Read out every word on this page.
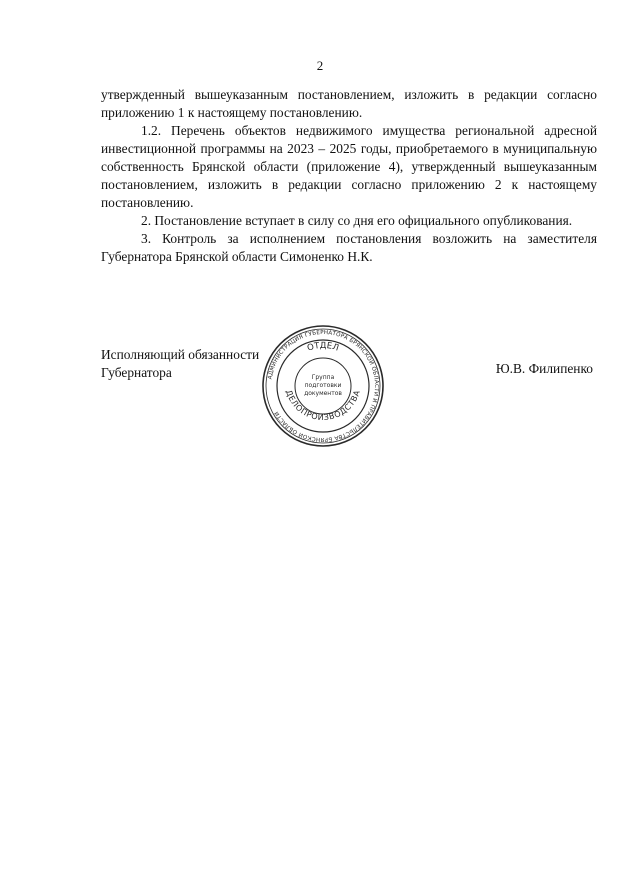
2

утвержденный вышеуказанным постановлением, изложить в редакции согласно приложению 1 к настоящему постановлению.

1.2. Перечень объектов недвижимого имущества региональной адресной инвестиционной программы на 2023 – 2025 годы, приобретаемого в муниципальную собственность Брянской области (приложение 4), утвержденный вышеуказанным постановлением, изложить в редакции согласно приложению 2 к настоящему постановлению.

2. Постановление вступает в силу со дня его официального опубликования.

3. Контроль за исполнением постановления возложить на заместителя Губернатора Брянской области Симоненко Н.К.

Исполняющий обязанности
Губернатора	АДМИНИСТРАЦИЯ ГУБЕРНАТОРА БРЯНСКОЙ ОБЛАСТИ И ПРАВИТЕЛЬСТВА БРЯНСКОЙ ОБЛАСТИ
ОТДЕЛ
ДЕЛОПРОИЗВОДСТВА
Группа
подготовки
документов
Ю.В. Филипенко
